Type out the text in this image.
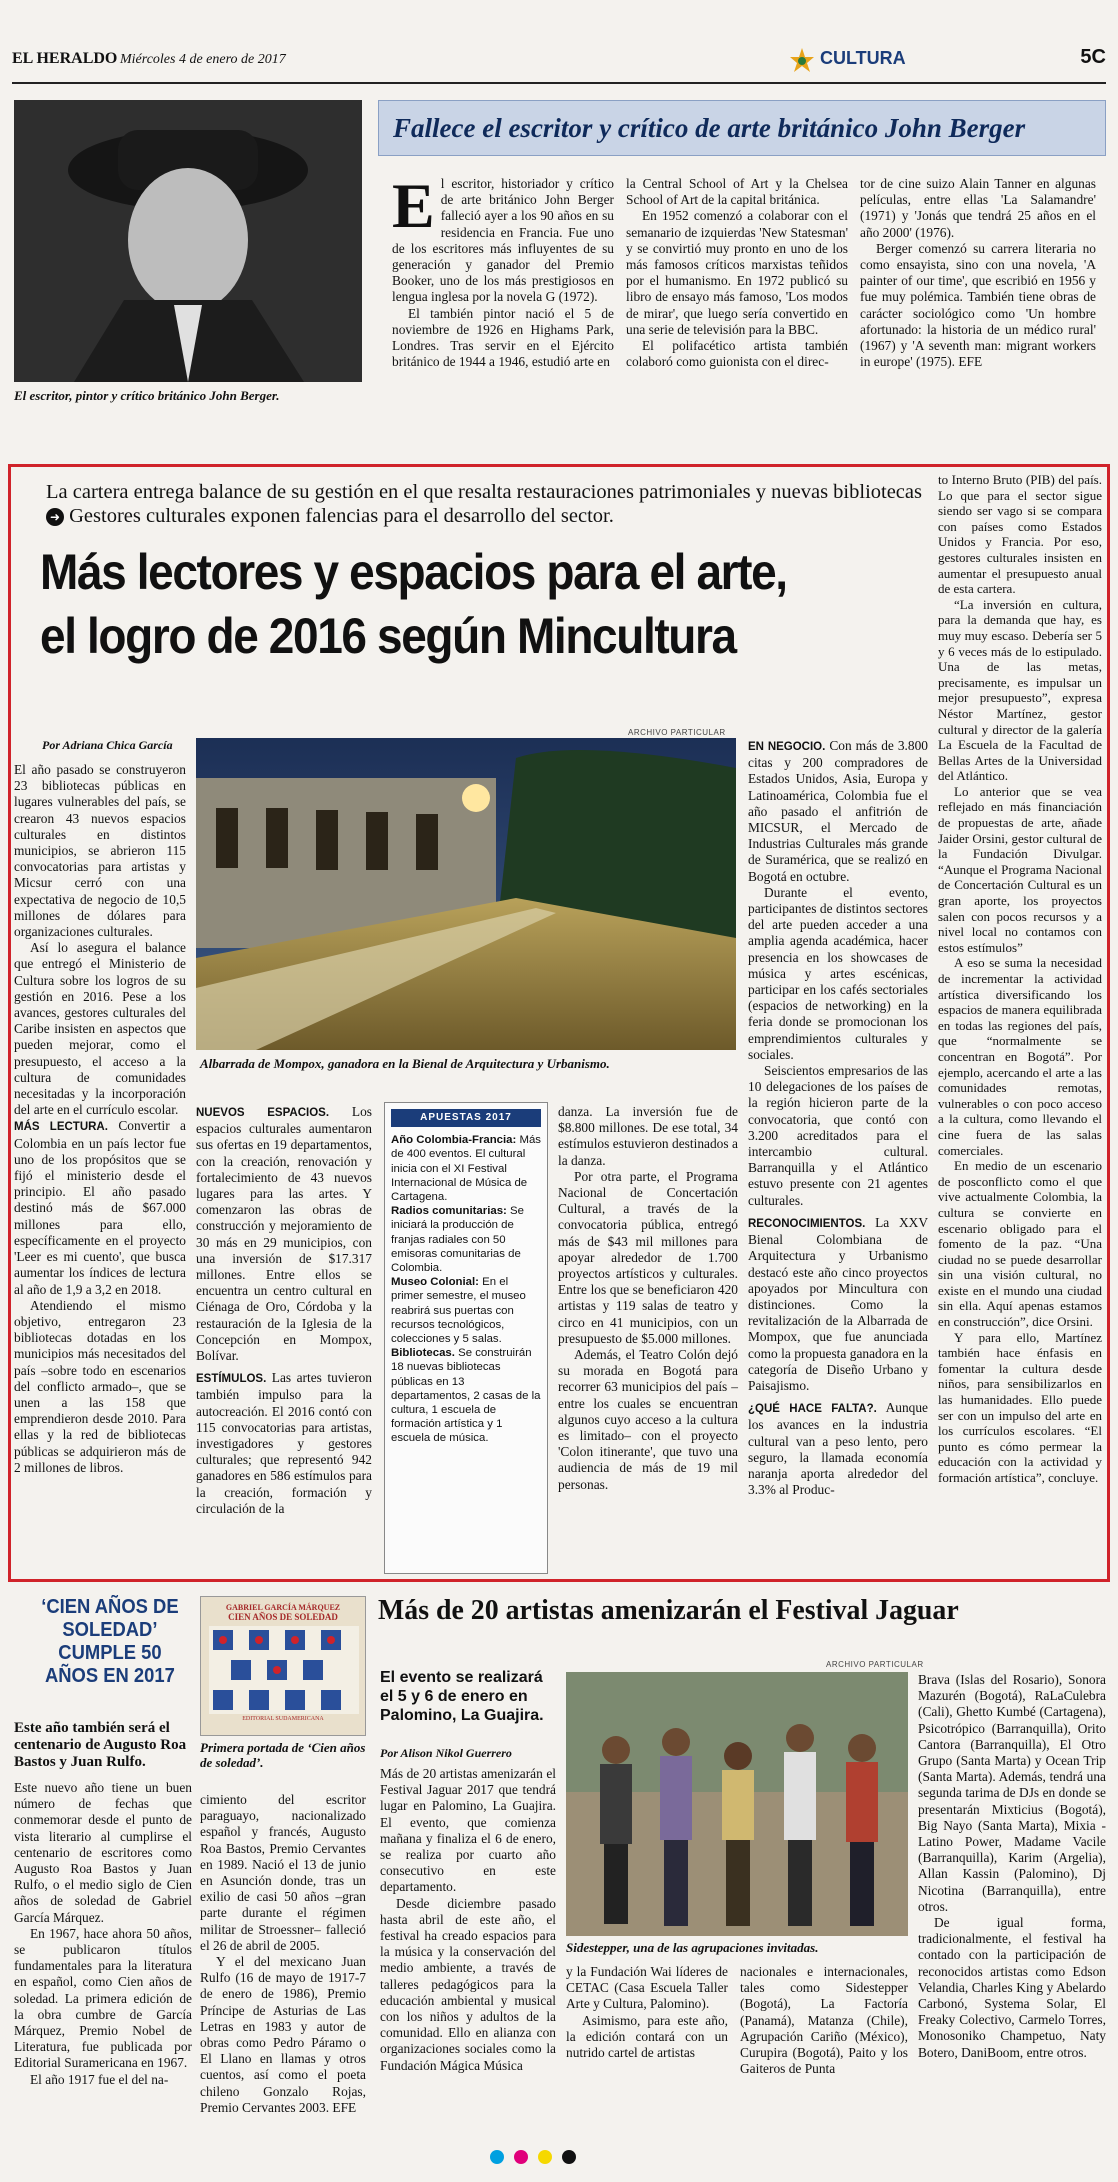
EL HERALDO Miércoles 4 de enero de 2017	CULTURA	5C
El escritor, pintor y crítico británico John Berger.
Fallece el escritor y crítico de arte británico John Berger
E l escritor, historiador y crítico de arte británico John Berger falleció ayer a los 90 años en su residencia en Francia. Fue uno de los escritores más influyentes de su generación y ganador del Premio Booker, uno de los más prestigiosos en lengua inglesa por la novela G (1972).

El también pintor nació el 5 de noviembre de 1926 en Highams Park, Londres. Tras servir en el Ejército británico de 1944 a 1946, estudió arte en

la Central School of Art y la Chelsea School of Art de la capital británica.

En 1952 comenzó a colaborar con el semanario de izquierdas 'New Statesman' y se convirtió muy pronto en uno de los más famosos críticos marxistas teñidos por el humanismo. En 1972 publicó su libro de ensayo más famoso, 'Los modos de mirar', que luego sería convertido en una serie de televisión para la BBC.

El polifacético artista también colaboró como guionista con el direc-

tor de cine suizo Alain Tanner en algunas películas, entre ellas 'La Salamandre' (1971) y 'Jonás que tendrá 25 años en el año 2000' (1976).

Berger comenzó su carrera literaria no como ensayista, sino con una novela, 'A painter of our time', que escribió en 1956 y fue muy polémica. También tiene obras de carácter sociológico como 'Un hombre afortunado: la historia de un médico rural' (1967) y 'A seventh man: migrant workers in europe' (1975). EFE

La cartera entrega balance de su gestión en el que resalta restauraciones patrimoniales y nuevas bibliotecas ➜ Gestores culturales exponen falencias para el desarrollo del sector.
Más lectores y espacios para el arte,
el logro de 2016 según Mincultura
Por Adriana Chica García
ARCHIVO PARTICULAR
Albarrada de Mompox, ganadora en la Bienal de Arquitectura y Urbanismo.

El año pasado se construyeron 23 bibliotecas públicas en lugares vulnerables del país, se crearon 43 nuevos espacios culturales en distintos municipios, se abrieron 115 convocatorias para artistas y Micsur cerró con una expectativa de negocio de 10,5 millones de dólares para organizaciones culturales.

Así lo asegura el balance que entregó el Ministerio de Cultura sobre los logros de su gestión en 2016. Pese a los avances, gestores culturales del Caribe insisten en aspectos que pueden mejorar, como el presupuesto, el acceso a la cultura de comunidades necesitadas y la incorporación del arte en el currículo escolar.

MÁS LECTURA. Convertir a Colombia en un país lector fue uno de los propósitos que se fijó el ministerio desde el principio. El año pasado destinó más de $67.000 millones para ello, específicamente en el proyecto 'Leer es mi cuento', que busca aumentar los índices de lectura al año de 1,9 a 3,2 en 2018.

Atendiendo el mismo objetivo, entregaron 23 bibliotecas dotadas en los municipios más necesitados del país –sobre todo en escenarios del conflicto armado–, que se unen a las 158 que emprendieron desde 2010. Para ellas y la red de bibliotecas públicas se adquirieron más de 2 millones de libros.

NUEVOS ESPACIOS. Los espacios culturales aumentaron sus ofertas en 19 departamentos, con la creación, renovación y fortalecimiento de 43 nuevos lugares para las artes. Y comenzaron las obras de construcción y mejoramiento de 30 más en 29 municipios, con una inversión de $17.317 millones. Entre ellos se encuentra un centro cultural en Ciénaga de Oro, Córdoba y la restauración de la Iglesia de la Concepción en Mompox, Bolívar.

ESTÍMULOS. Las artes tuvieron también impulso para la autocreación. El 2016 contó con 115 convocatorias para artistas, investigadores y gestores culturales; que representó 942 ganadores en 586 estímulos para la creación, formación y circulación de la

APUESTAS 2017
Año Colombia-Francia: Más de 400 eventos. El cultural inicia con el XI Festival Internacional de Música de Cartagena.
Radios comunitarias: Se iniciará la producción de franjas radiales con 50 emisoras comunitarias de Colombia.
Museo Colonial: En el primer semestre, el museo reabrirá sus puertas con recursos tecnológicos, colecciones y 5 salas.
Bibliotecas. Se construirán 18 nuevas bibliotecas públicas en 13 departamentos, 2 casas de la cultura, 1 escuela de formación artística y 1 escuela de música.

danza. La inversión fue de $8.800 millones. De ese total, 34 estímulos estuvieron destinados a la danza.

Por otra parte, el Programa Nacional de Concertación Cultural, a través de la convocatoria pública, entregó más de $43 mil millones para apoyar alrededor de 1.700 proyectos artísticos y culturales. Entre los que se beneficiaron 420 artistas y 119 salas de teatro y circo en 41 municipios, con un presupuesto de $5.000 millones.

Además, el Teatro Colón dejó su morada en Bogotá para recorrer 63 municipios del país –entre los cuales se encuentran algunos cuyo acceso a la cultura es limitado– con el proyecto 'Colon itinerante', que tuvo una audiencia de más de 19 mil personas.

EN NEGOCIO. Con más de 3.800 citas y 200 compradores de Estados Unidos, Asia, Europa y Latinoamérica, Colombia fue el año pasado el anfitrión de MICSUR, el Mercado de Industrias Culturales más grande de Suramérica, que se realizó en Bogotá en octubre.

Durante el evento, participantes de distintos sectores del arte pueden acceder a una amplia agenda académica, hacer presencia en los showcases de música y artes escénicas, participar en los cafés sectoriales (espacios de networking) en la feria donde se promocionan los emprendimientos culturales y sociales.

Seiscientos empresarios de las 10 delegaciones de los países de la región hicieron parte de la convocatoria, que contó con 3.200 acreditados para el intercambio cultural. Barranquilla y el Atlántico estuvo presente con 21 agentes culturales.

RECONOCIMIENTOS. La XXV Bienal Colombiana de Arquitectura y Urbanismo destacó este año cinco proyectos apoyados por Mincultura con distinciones. Como la revitalización de la Albarrada de Mompox, que fue anunciada como la propuesta ganadora en la categoría de Diseño Urbano y Paisajismo.

¿QUÉ HACE FALTA?. Aunque los avances en la industria cultural van a peso lento, pero seguro, la llamada economía naranja aporta alrededor del 3.3% al Produc-

to Interno Bruto (PIB) del país. Lo que para el sector sigue siendo ser vago si se compara con países como Estados Unidos y Francia. Por eso, gestores culturales insisten en aumentar el presupuesto anual de esta cartera.

“La inversión en cultura, para la demanda que hay, es muy muy escaso. Debería ser 5 y 6 veces más de lo estipulado. Una de las metas, precisamente, es impulsar un mejor presupuesto”, expresa Néstor Martínez, gestor cultural y director de la galería La Escuela de la Facultad de Bellas Artes de la Universidad del Atlántico.

Lo anterior que se vea reflejado en más financiación de propuestas de arte, añade Jaider Orsini, gestor cultural de la Fundación Divulgar. “Aunque el Programa Nacional de Concertación Cultural es un gran aporte, los proyectos salen con pocos recursos y a nivel local no contamos con estos estímulos”

A eso se suma la necesidad de incrementar la actividad artística diversificando los espacios de manera equilibrada en todas las regiones del país, que “normalmente se concentran en Bogotá”. Por ejemplo, acercando el arte a las comunidades remotas, vulnerables o con poco acceso a la cultura, como llevando el cine fuera de las salas comerciales.

En medio de un escenario de posconflicto como el que vive actualmente Colombia, la cultura se convierte en escenario obligado para el fomento de la paz. “Una ciudad no se puede desarrollar sin una visión cultural, no existe en el mundo una ciudad sin ella. Aquí apenas estamos en construcción”, dice Orsini.

Y para ello, Martínez también hace énfasis en fomentar la cultura desde niños, para sensibilizarlos en las humanidades. Ello puede ser con un impulso del arte en los currículos escolares. “El punto es cómo permear la educación con la actividad y formación artística”, concluye.

‘CIEN AÑOS DE SOLEDAD’ CUMPLE 50 AÑOS EN 2017
Este año también será el centenario de Augusto Roa Bastos y Juan Rulfo.
GABRIEL GARCÍA MÁRQUEZ
CIEN AÑOS DE SOLEDAD
EDITORIAL SUDAMERICANA
Primera portada de ‘Cien años de soledad’.

Este nuevo año tiene un buen número de fechas que conmemorar desde el punto de vista literario al cumplirse el centenario de escritores como Augusto Roa Bastos y Juan Rulfo, o el medio siglo de Cien años de soledad de Gabriel García Márquez.

En 1967, hace ahora 50 años, se publicaron títulos fundamentales para la literatura en español, como Cien años de soledad. La primera edición de la obra cumbre de García Márquez, Premio Nobel de Literatura, fue publicada por Editorial Suramericana en 1967.

El año 1917 fue el del na-

cimiento del escritor paraguayo, nacionalizado español y francés, Augusto Roa Bastos, Premio Cervantes en 1989. Nació el 13 de junio en Asunción donde, tras un exilio de casi 50 años –gran parte durante el régimen militar de Stroessner– falleció el 26 de abril de 2005.

Y el del mexicano Juan Rulfo (16 de mayo de 1917-7 de enero de 1986), Premio Príncipe de Asturias de Las Letras en 1983 y autor de obras como Pedro Páramo o El Llano en llamas y otros cuentos, así como el poeta chileno Gonzalo Rojas, Premio Cervantes 2003. EFE

Más de 20 artistas amenizarán el Festival Jaguar
El evento se realizará el 5 y 6 de enero en Palomino, La Guajira.
Por Alison Nikol Guerrero
ARCHIVO PARTICULAR
Sidestepper, una de las agrupaciones invitadas.

Más de 20 artistas amenizarán el Festival Jaguar 2017 que tendrá lugar en Palomino, La Guajira. El evento, que comienza mañana y finaliza el 6 de enero, se realiza por cuarto año consecutivo en este departamento.

Desde diciembre pasado hasta abril de este año, el festival ha creado espacios para la música y la conservación del medio ambiente, a través de talleres pedagógicos para la educación ambiental y musical con los niños y adultos de la comunidad. Ello en alianza con organizaciones sociales como la Fundación Mágica Música

y la Fundación Wai líderes de CETAC (Casa Escuela Taller Arte y Cultura, Palomino).

Asimismo, para este año, la edición contará con un nutrido cartel de artistas

nacionales e internacionales, tales como Sidestepper (Bogotá), La Factoría (Panamá), Matanza (Chile), Agrupación Cariño (México), Curupira (Bogotá), Paito y los Gaiteros de Punta

Brava (Islas del Rosario), Sonora Mazurén (Bogotá), RaLaCulebra (Cali), Ghetto Kumbé (Cartagena), Psicotrópico (Barranquilla), Orito Cantora (Barranquilla), El Otro Grupo (Santa Marta) y Ocean Trip (Santa Marta). Además, tendrá una segunda tarima de DJs en donde se presentarán Mixticius (Bogotá), Big Nayo (Santa Marta), Mixia - Latino Power, Madame Vacile (Barranquilla), Karim (Argelia), Allan Kassin (Palomino), Dj Nicotina (Barranquilla), entre otros.

De igual forma, tradicionalmente, el festival ha contado con la participación de reconocidos artistas como Edson Velandia, Charles King y Abelardo Carbonó, Systema Solar, El Freaky Colectivo, Carmelo Torres, Monosoniko Champetuo, Naty Botero, DaniBoom, entre otros.
